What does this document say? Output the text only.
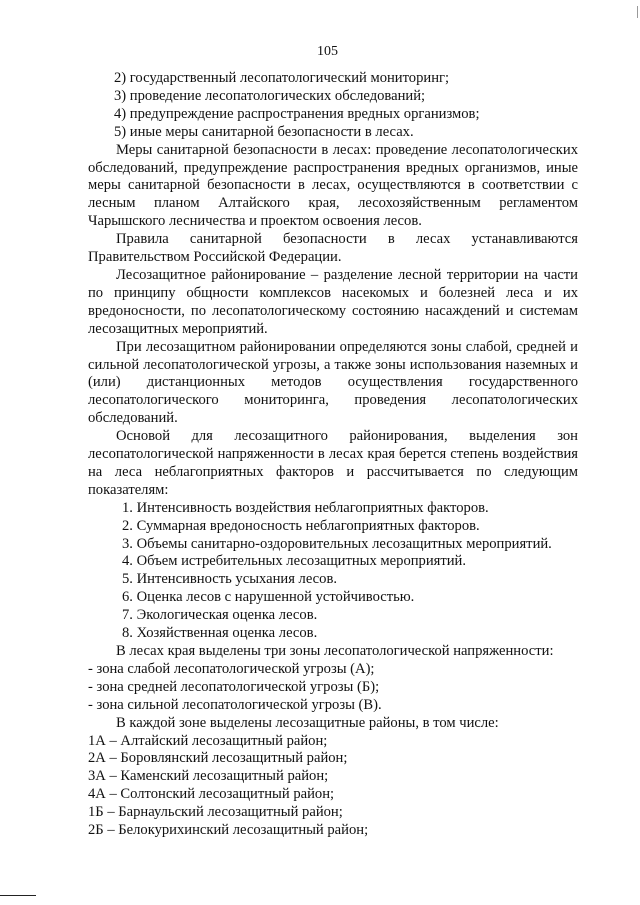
105

2) государственный лесопатологический мониторинг;

3) проведение лесопатологических обследований;

4) предупреждение распространения вредных организмов;

5) иные меры санитарной безопасности в лесах.

Меры санитарной безопасности в лесах: проведение лесопатологических обследований, предупреждение распространения вредных организмов, иные меры санитарной безопасности в лесах, осуществляются в соответствии с лесным планом Алтайского края, лесохозяйственным регламентом Чарышского лесничества и проектом освоения лесов.

Правила санитарной безопасности в лесах устанавливаются Правительством Российской Федерации.

Лесозащитное районирование – разделение лесной территории на части по принципу общности комплексов насекомых и болезней леса и их вредоносности, по лесопатологическому состоянию насаждений и системам лесозащитных мероприятий.

При лесозащитном районировании определяются зоны слабой, средней и сильной лесопатологической угрозы, а также зоны использования наземных и (или) дистанционных методов осуществления государственного лесопатологического мониторинга, проведения лесопатологических обследований.

Основой для лесозащитного районирования, выделения зон лесопатологической напряженности в лесах края берется степень воздействия на леса неблагоприятных факторов и рассчитывается по следующим показателям:

1. Интенсивность воздействия неблагоприятных факторов.

2. Суммарная вредоносность неблагоприятных факторов.

3. Объемы санитарно-оздоровительных лесозащитных мероприятий.

4. Объем истребительных лесозащитных мероприятий.

5. Интенсивность усыхания лесов.

6. Оценка лесов с нарушенной устойчивостью.

7. Экологическая оценка лесов.

8. Хозяйственная оценка лесов.

В лесах края выделены три зоны лесопатологической напряженности:

- зона слабой лесопатологической угрозы (А);

- зона средней лесопатологической угрозы (Б);

- зона сильной лесопатологической угрозы (В).

В каждой зоне выделены лесозащитные районы, в том числе:

1А – Алтайский лесозащитный район;

2А – Боровлянский лесозащитный район;

3А – Каменский лесозащитный район;

4А – Солтонский лесозащитный район;

1Б – Барнаульский лесозащитный район;

2Б – Белокурихинский лесозащитный район;
